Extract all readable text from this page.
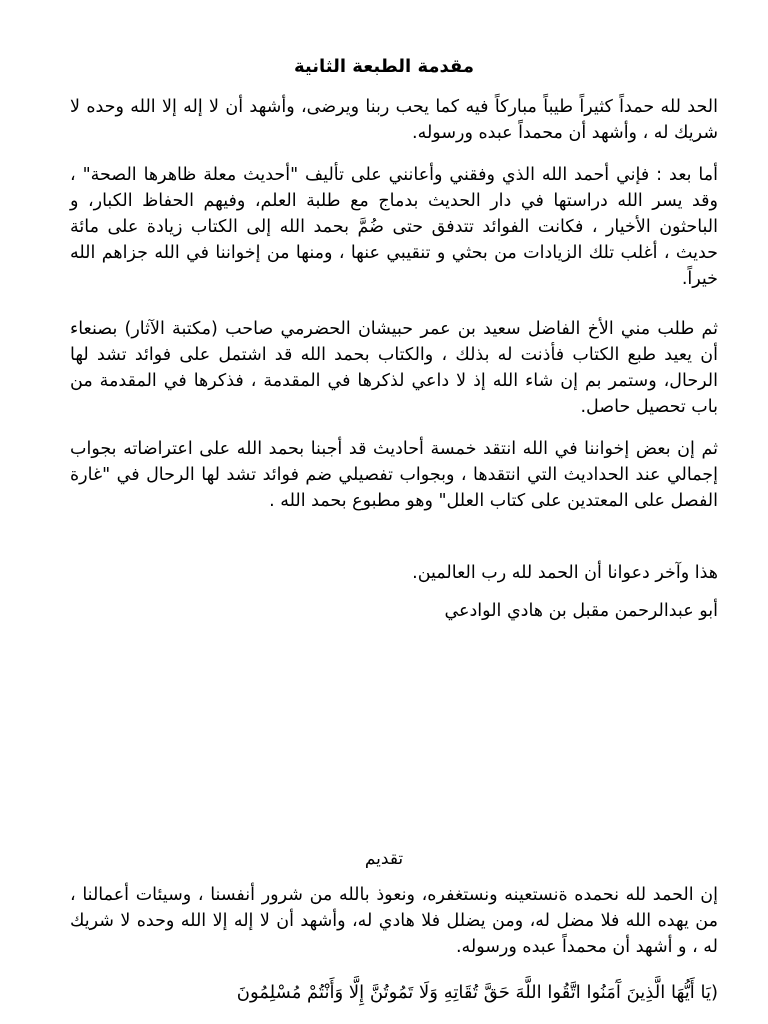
مقدمة الطبعة الثانية

الحد لله حمداً كثيراً طيباً مباركاً فيه كما يحب ربنا ويرضى، وأشهد أن لا إله إلا الله وحده لا شريك له ، وأشهد أن محمداً عبده ورسوله.

أما بعد : فإني أحمد الله الذي وفقني وأعانني على تأليف "أحديث معلة ظاهرها الصحة" ، وقد يسر الله دراستها في دار الحديث بدماج مع طلبة العلم، وفيهم الحفاظ الكبار، و الباحثون الأخيار ، فكانت الفوائد تتدفق حتى ضُمَّ بحمد الله إلى الكتاب زيادة على مائة حديث ، أغلب تلك الزيادات من بحثي و تنقيبي عنها ، ومنها من إخواننا في الله جزاهم الله خيراً.

ثم طلب مني الأخ الفاضل سعيد بن عمر حبيشان الحضرمي صاحب (مكتبة الآثار) بصنعاء أن يعيد طبع الكتاب فأذنت له بذلك ، والكتاب بحمد الله قد اشتمل على فوائد تشد لها الرحال، وستمر بم إن شاء الله إذ لا داعي لذكرها في المقدمة ، فذكرها في المقدمة من باب تحصيل حاصل.

ثم إن بعض إخواننا في الله انتقد خمسة أحاديث قد أجبنا بحمد الله على اعتراضاته بجواب إجمالي عند الحداديث التي انتقدها ، وبجواب تفصيلي ضم فوائد تشد لها الرحال في "غارة الفصل على المعتدين على كتاب العلل" وهو مطبوع بحمد الله .

هذا وآخر دعوانا أن الحمد لله رب العالمين.

أبو عبدالرحمن مقبل بن هادي الوادعي

تقديم

إن الحمد لله نحمده ةنستعينه ونستغفره، ونعوذ بالله من شرور أنفسنا ، وسيئات أعمالنا ، من يهده الله فلا مضل له، ومن يضلل فلا هادي له، وأشهد أن لا إله إلا الله وحده لا شريك له ، و أشهد أن محمداً عبده ورسوله.

(يَا أَيُّهَا الَّذِينَ آَمَنُوا اتَّقُوا اللَّهَ حَقَّ تُقَاتِهِ وَلَا تَمُوتُنَّ إِلَّا وَأَنْتُمْ مُسْلِمُونَ
